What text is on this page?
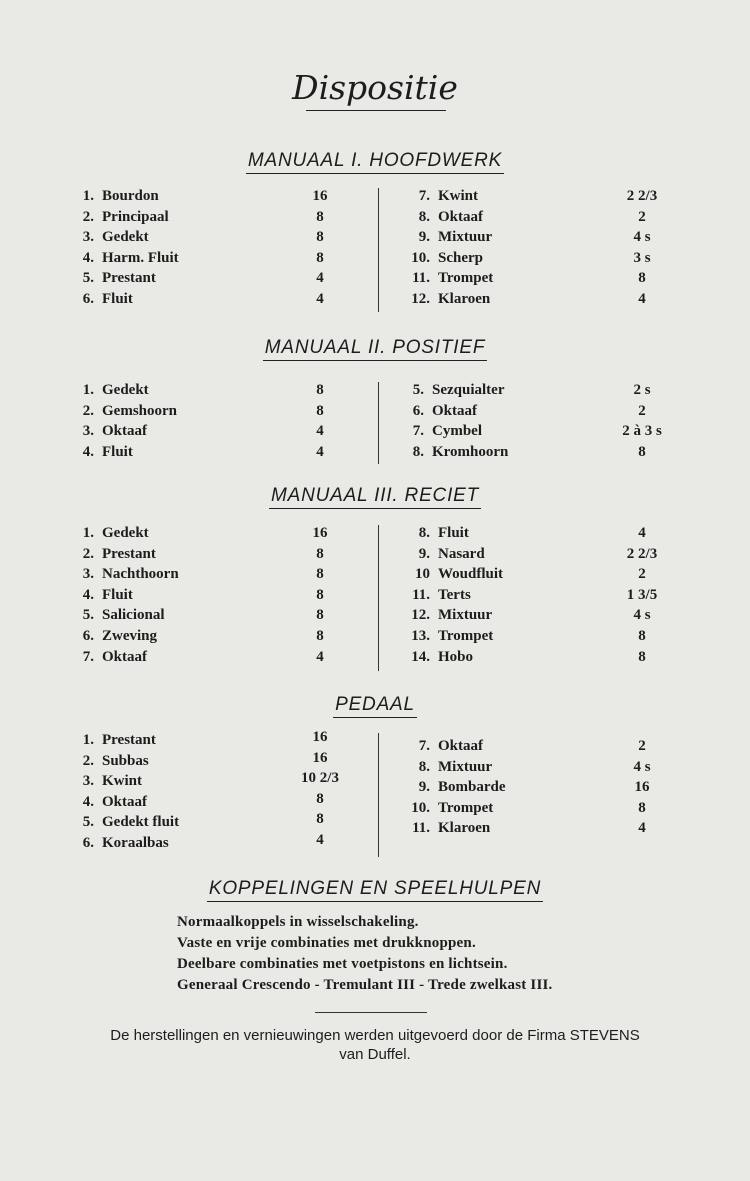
Dispositie
MANUAAL I. HOOFDWERK
1. Bourdon	16
2. Principaal	8
3. Gedekt	8
4. Harm. Fluit	8
5. Prestant	4
6. Fluit	4
7. Kwint	2 2/3
8. Oktaaf	2
9. Mixtuur	4 s
10. Scherp	3 s
11. Trompet	8
12. Klaroen	4
MANUAAL II. POSITIEF
1. Gedekt	8
2. Gemshoorn	8
3. Oktaaf	4
4. Fluit	4
5. Sezquialter	2 s
6. Oktaaf	2
7. Cymbel	2 à 3 s
8. Kromhoorn	8
MANUAAL III. RECIET
1. Gedekt	16
2. Prestant	8
3. Nachthoorn	8
4. Fluit	8
5. Salicional	8
6. Zweving	8
7. Oktaaf	4
8. Fluit	4
9. Nasard	2 2/3
10 Woudfluit	2
11. Terts	1 3/5
12. Mixtuur	4 s
13. Trompet	8
14. Hobo	8
PEDAAL
1. Prestant	16
2. Subbas	16
3. Kwint	10 2/3
4. Oktaaf	8
5. Gedekt fluit	8
6. Koraalbas	4
7. Oktaaf	2
8. Mixtuur	4 s
9. Bombarde	16
10. Trompet	8
11. Klaroen	4
KOPPELINGEN EN SPEELHULPEN
Normaalkoppels in wisselschakeling.
Vaste en vrije combinaties met drukknoppen.
Deelbare combinaties met voetpistons en lichtsein.
Generaal Crescendo - Tremulant III - Trede zwelkast III.
De herstellingen en vernieuwingen werden uitgevoerd door de Firma STEVENS
van Duffel.
